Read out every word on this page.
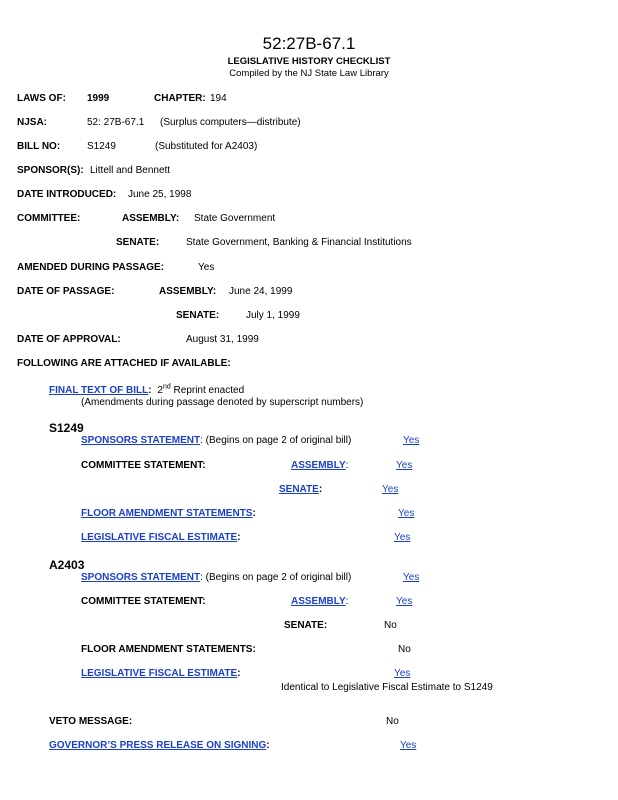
52:27B-67.1
LEGISLATIVE HISTORY CHECKLIST
Compiled by the NJ State Law Library
LAWS OF: 1999	CHAPTER: 194
NJSA:	52: 27B-67.1 (Surplus computers—distribute)
BILL NO:	S1249	(Substituted for A2403)
SPONSOR(S): Littell and Bennett
DATE INTRODUCED: June 25, 1998
COMMITTEE:	ASSEMBLY: State Government
SENATE:	State Government, Banking & Financial Institutions
AMENDED DURING PASSAGE:	Yes
DATE OF PASSAGE:	ASSEMBLY: June 24, 1999
SENATE:	July 1, 1999
DATE OF APPROVAL:	August 31, 1999
FOLLOWING ARE ATTACHED IF AVAILABLE:
FINAL TEXT OF BILL: 2nd Reprint enacted
(Amendments during passage denoted by superscript numbers)
S1249
SPONSORS STATEMENT: (Begins on page 2 of original bill)	Yes
COMMITTEE STATEMENT:	ASSEMBLY:	Yes
SENATE:	Yes
FLOOR AMENDMENT STATEMENTS:	Yes
LEGISLATIVE FISCAL ESTIMATE:	Yes
A2403
SPONSORS STATEMENT: (Begins on page 2 of original bill)	Yes
COMMITTEE STATEMENT:	ASSEMBLY:	Yes
SENATE:	No
FLOOR AMENDMENT STATEMENTS:	No
LEGISLATIVE FISCAL ESTIMATE:	Yes
Identical to Legislative Fiscal Estimate to S1249
VETO MESSAGE:	No
GOVERNOR’S PRESS RELEASE ON SIGNING:	Yes
